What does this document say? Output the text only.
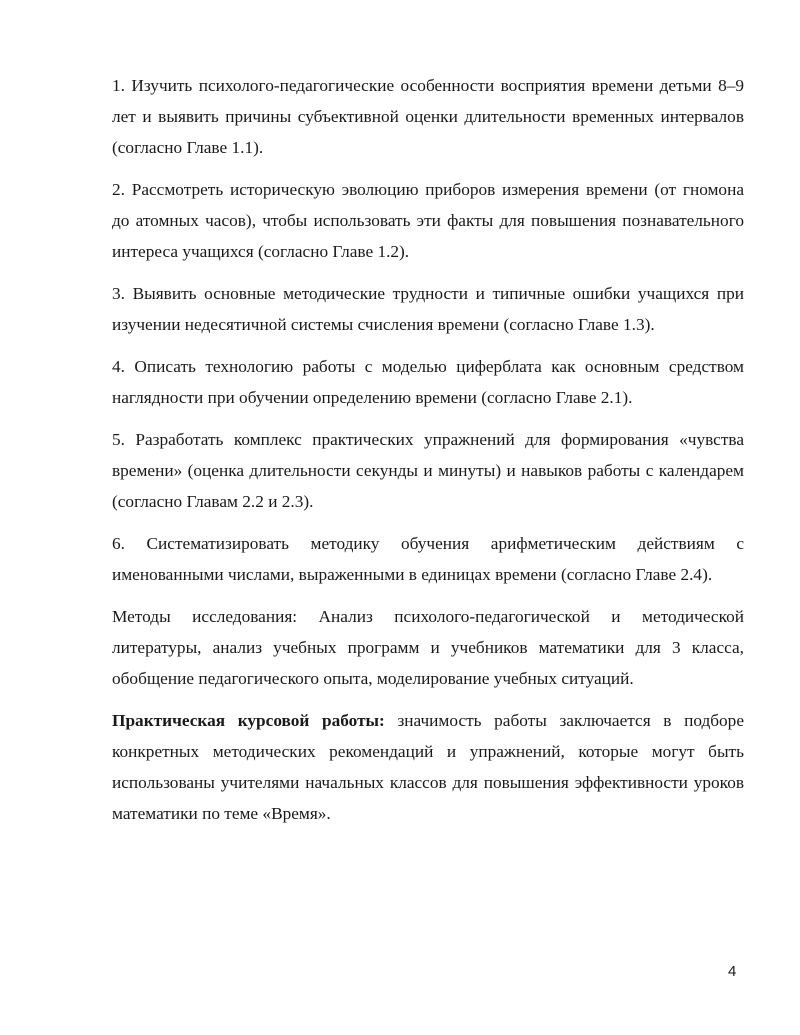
1. Изучить психолого-педагогические особенности восприятия времени детьми 8–9 лет и выявить причины субъективной оценки длительности временных интервалов (согласно Главе 1.1).

2. Рассмотреть историческую эволюцию приборов измерения времени (от гномона до атомных часов), чтобы использовать эти факты для повышения познавательного интереса учащихся (согласно Главе 1.2).

3. Выявить основные методические трудности и типичные ошибки учащихся при изучении недесятичной системы счисления времени (согласно Главе 1.3).

4. Описать технологию работы с моделью циферблата как основным средством наглядности при обучении определению времени (согласно Главе 2.1).

5. Разработать комплекс практических упражнений для формирования «чувства времени» (оценка длительности секунды и минуты) и навыков работы с календарем (согласно Главам 2.2 и 2.3).

6. Систематизировать методику обучения арифметическим действиям с именованными числами, выраженными в единицах времени (согласно Главе 2.4).

Методы исследования: Анализ психолого-педагогической и методической литературы, анализ учебных программ и учебников математики для 3 класса, обобщение педагогического опыта, моделирование учебных ситуаций.

Практическая курсовой работы: значимость работы заключается в подборе конкретных методических рекомендаций и упражнений, которые могут быть использованы учителями начальных классов для повышения эффективности уроков математики по теме «Время».

4
